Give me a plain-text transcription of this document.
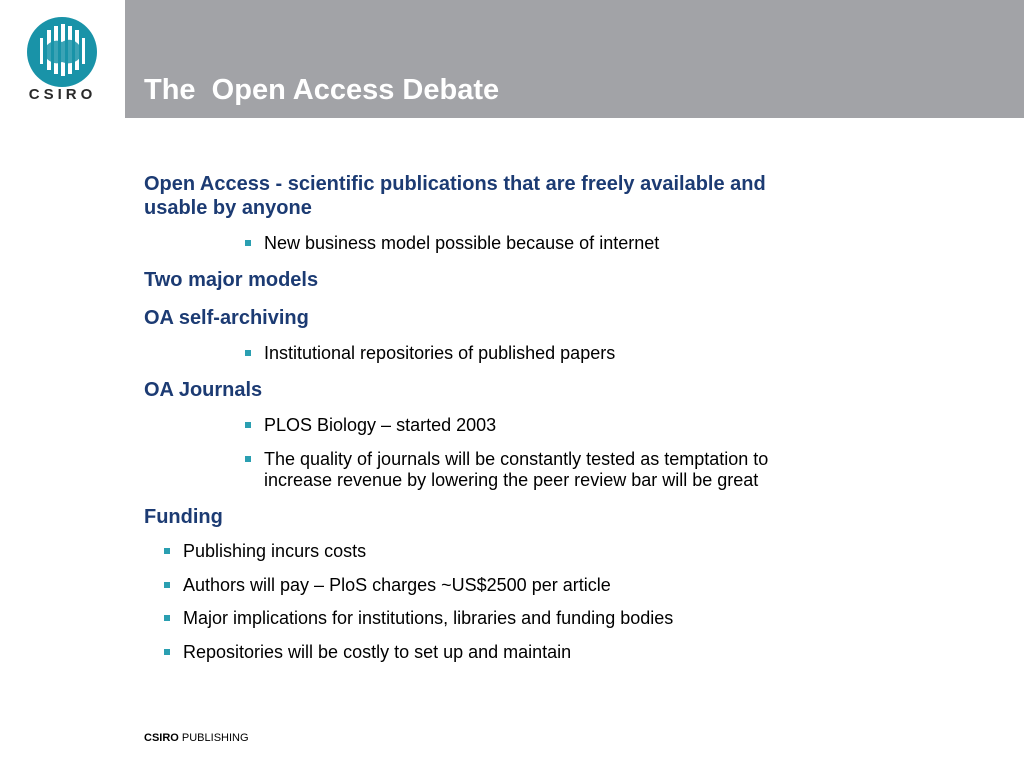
CSIRO	The  Open Access Debate

Open Access - scientific publications that are freely available and

usable by anyone

New business model possible because of internet

Two major models

OA self-archiving

Institutional repositories of published papers

OA Journals

PLOS Biology – started 2003
The quality of journals will be constantly tested as temptation to
increase revenue by lowering the peer review bar will be great

Funding

Publishing incurs costs
Authors will pay – PloS charges ~US$2500 per article
Major implications for institutions, libraries and funding bodies
Repositories will be costly to set up and maintain
CSIRO PUBLISHING
